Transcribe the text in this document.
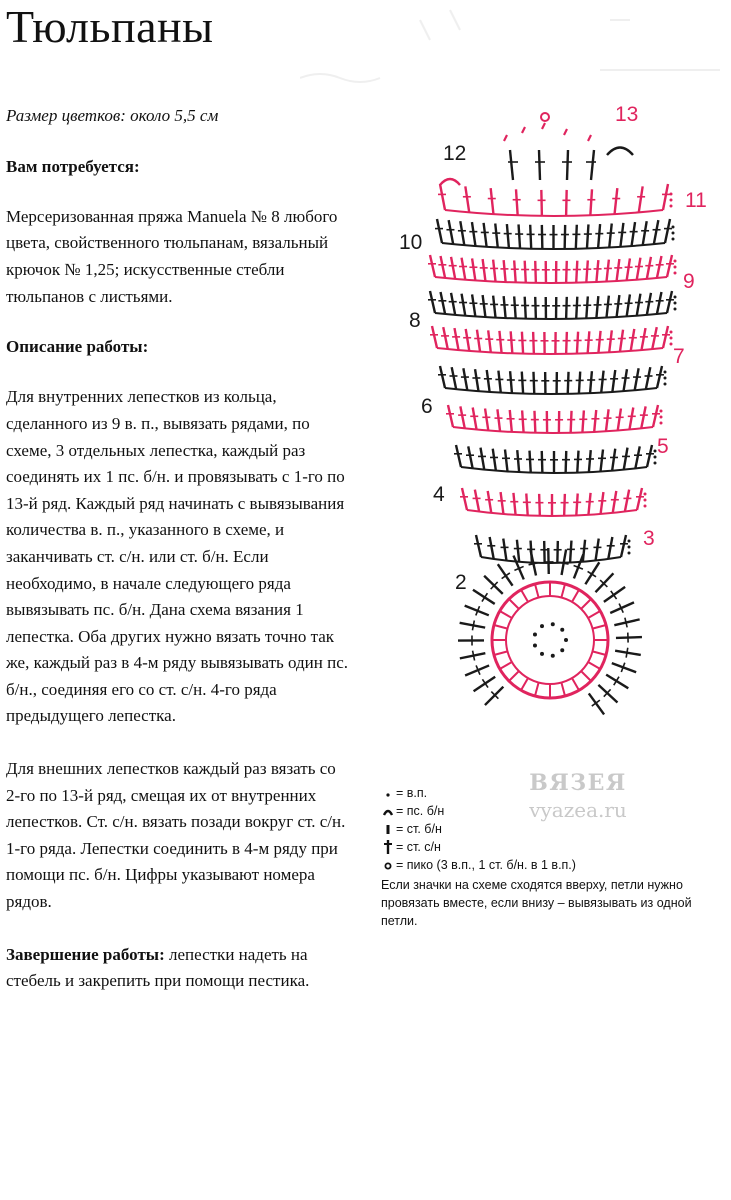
Тюльпаны

Размер цветков: около 5,5 см

Вам потребуется:

Мерсеризованная пряжа Manuela № 8 любого цвета, свойственного тюльпанам, вязальный крючок № 1,25; искусственные стебли тюльпанов с листьями.

Описание работы:

Для внутренних лепестков из кольца, сделанного из 9 в. п., вывязать рядами, по схеме, 3 отдельных лепестка, каждый раз соединять их 1 пс. б/н. и провязывать с 1-го по 13-й ряд. Каждый ряд начинать с вывязывания количества в. п., указанного в схеме, и заканчивать ст. с/н. или ст. б/н. Если необходимо, в начале следующего ряда вывязывать пс. б/н. Дана схема вязания 1 лепестка. Оба других нужно вязать точно так же, каждый раз в 4-м ряду вывязывать один пс. б/н., соединяя его со ст. с/н. 4-го ряда предыдущего лепестка.

Для внешних лепестков каждый раз вязать со 2-го по 13-й ряд, смещая их от внутренних лепестков. Ст. с/н. вязать позади вокруг ст. с/н. 1-го ряда. Лепестки соединить в 4-м ряду при помощи пс. б/н. Цифры указывают номера рядов.

Завершение работы: лепестки надеть на стебель и закрепить при помощи пестика.

13
12
11
10
9
8
7
6
5
4
3
2
ВЯЗЕЯ
vyazea.ru
= в.п.
= пс. б/н
= ст. б/н
= ст. с/н
= пико (3 в.п., 1 ст. б/н. в 1 в.п.)
Если значки на схеме сходятся вверху, петли нужно провязать вместе, если внизу – вывязывать из одной петли.
